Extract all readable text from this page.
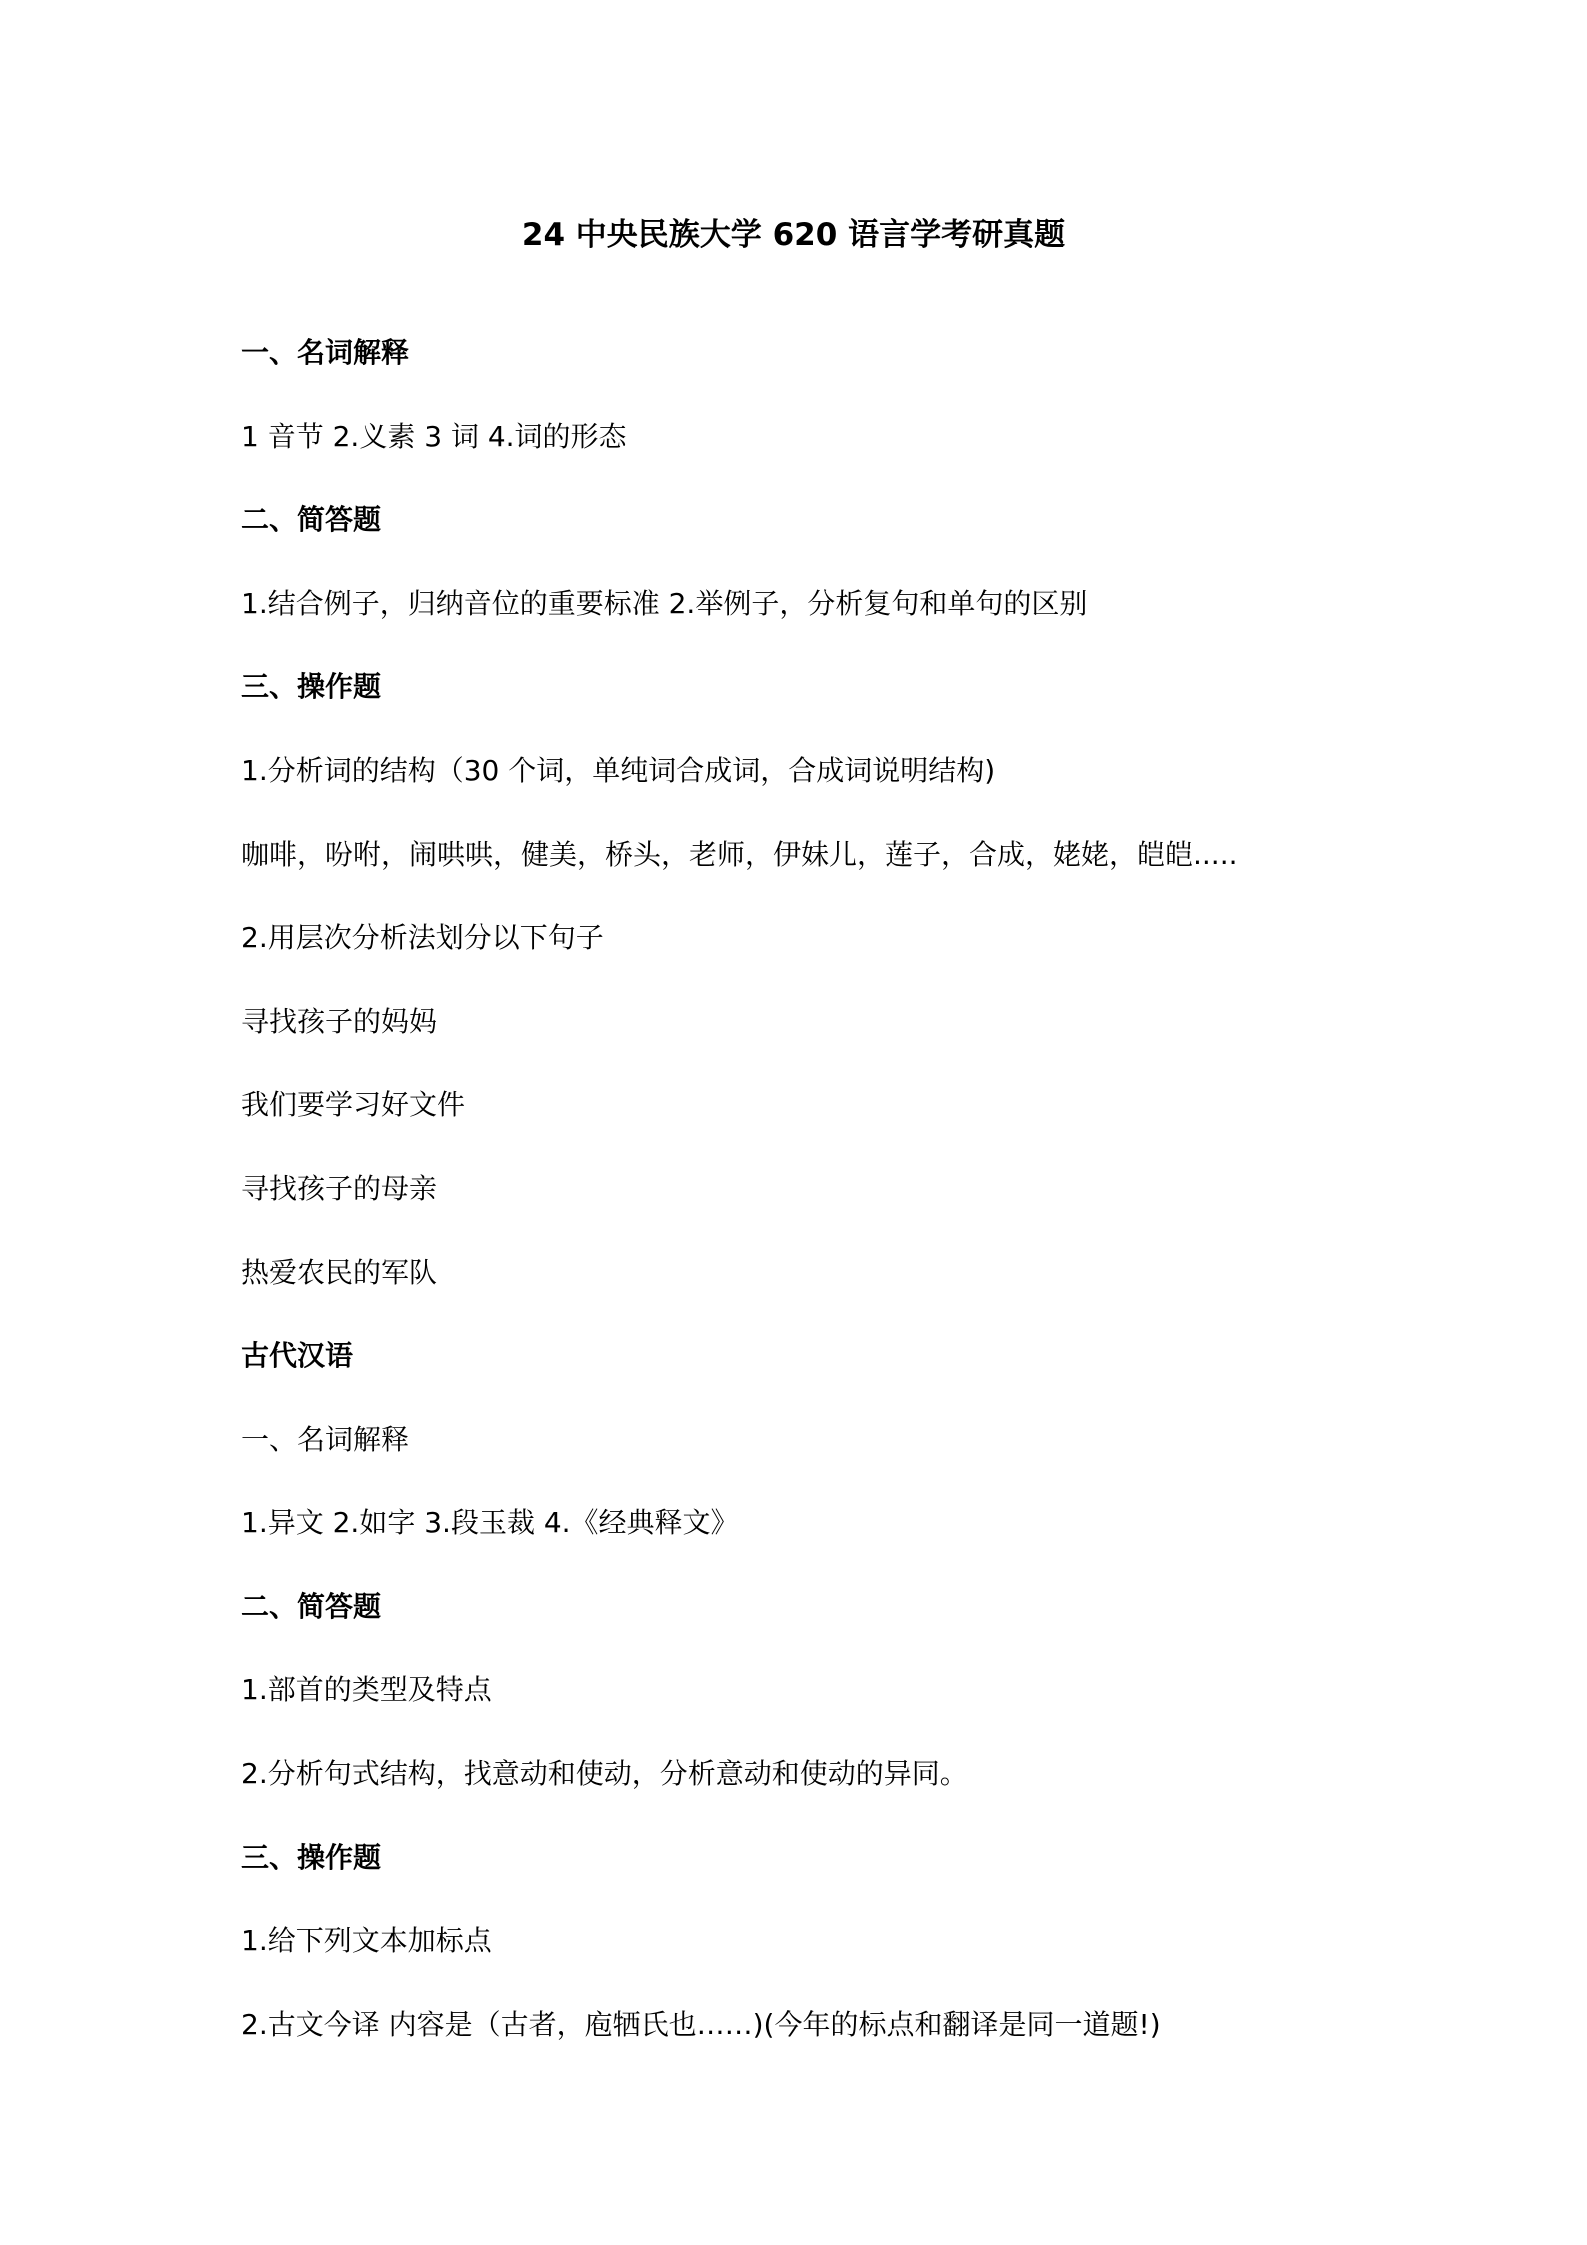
24 中央民族大学 620 语言学考研真题
一、名词解释
1 音节 2.义素 3 词 4.词的形态
二、简答题
1.结合例子，归纳音位的重要标准 2.举例子，分析复句和单句的区别
三、操作题
1.分析词的结构（30 个词，单纯词合成词，合成词说明结构)
咖啡，吩咐，闹哄哄，健美，桥头，老师，伊妹儿，莲子，合成，姥姥，皑皑.....
2.用层次分析法划分以下句子
寻找孩子的妈妈
我们要学习好文件
寻找孩子的母亲
热爱农民的军队
古代汉语
一、名词解释
1.异文 2.如字 3.段玉裁 4.《经典释文》
二、简答题
1.部首的类型及特点
2.分析句式结构，找意动和使动，分析意动和使动的异同。
三、操作题
1.给下列文本加标点
2.古文今译 内容是（古者，庖牺氏也……)(今年的标点和翻译是同一道题!)
